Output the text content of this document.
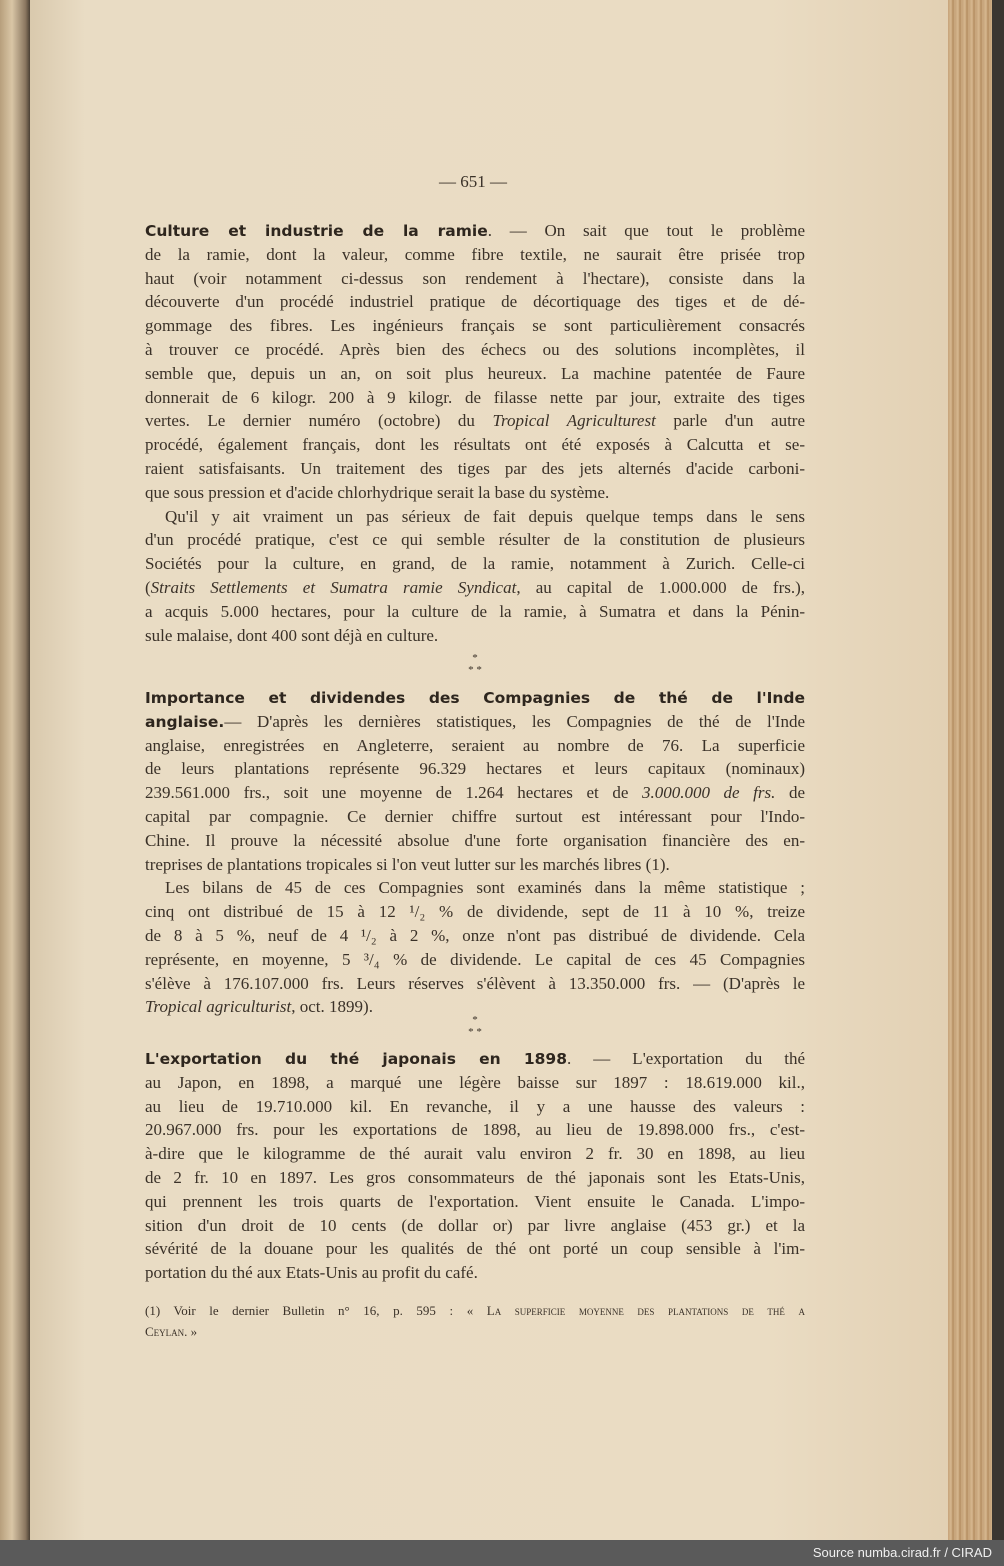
— 651 —
Culture et industrie de la ramie. — On sait que tout le problème
de la ramie, dont la valeur, comme fibre textile, ne saurait être prisée trop
haut (voir notamment ci-dessus son rendement à l'hectare), consiste dans la
découverte d'un procédé industriel pratique de décortiquage des tiges et de dé-
gommage des fibres. Les ingénieurs français se sont particulièrement consacrés
à trouver ce procédé. Après bien des échecs ou des solutions incomplètes, il
semble que, depuis un an, on soit plus heureux. La machine patentée de Faure
donnerait de 6 kilogr. 200 à 9 kilogr. de filasse nette par jour, extraite des tiges
vertes. Le dernier numéro (octobre) du Tropical Agriculturest parle d'un autre
procédé, également français, dont les résultats ont été exposés à Calcutta et se-
raient satisfaisants. Un traitement des tiges par des jets alternés d'acide carboni-
que sous pression et d'acide chlorhydrique serait la base du système.
Qu'il y ait vraiment un pas sérieux de fait depuis quelque temps dans le sens
d'un procédé pratique, c'est ce qui semble résulter de la constitution de plusieurs
Sociétés pour la culture, en grand, de la ramie, notamment à Zurich. Celle-ci
(Straits Settlements et Sumatra ramie Syndicat, au capital de 1.000.000 de frs.),
a acquis 5.000 hectares, pour la culture de la ramie, à Sumatra et dans la Pénin-
sule malaise, dont 400 sont déjà en culture.
*
* *
Importance et dividendes des Compagnies de thé de l'Inde
anglaise.— D'après les dernières statistiques, les Compagnies de thé de l'Inde
anglaise, enregistrées en Angleterre, seraient au nombre de 76. La superficie
de leurs plantations représente 96.329 hectares et leurs capitaux (nominaux)
239.561.000 frs., soit une moyenne de 1.264 hectares et de 3.000.000 de frs. de
capital par compagnie. Ce dernier chiffre surtout est intéressant pour l'Indo-
Chine. Il prouve la nécessité absolue d'une forte organisation financière des en-
treprises de plantations tropicales si l'on veut lutter sur les marchés libres (1).
Les bilans de 45 de ces Compagnies sont examinés dans la même statistique ;
cinq ont distribué de 15 à 12 ¹/₂ % de dividende, sept de 11 à 10 %, treize
de 8 à 5 %, neuf de 4 ¹/₂ à 2 %, onze n'ont pas distribué de dividende. Cela
représente, en moyenne, 5 ³/₄ % de dividende. Le capital de ces 45 Compagnies
s'élève à 176.107.000 frs. Leurs réserves s'élèvent à 13.350.000 frs. — (D'après le
Tropical agriculturist, oct. 1899).
*
* *
L'exportation du thé japonais en 1898. — L'exportation du thé
au Japon, en 1898, a marqué une légère baisse sur 1897 : 18.619.000 kil.,
au lieu de 19.710.000 kil. En revanche, il y a une hausse des valeurs :
20.967.000 frs. pour les exportations de 1898, au lieu de 19.898.000 frs., c'est-
à-dire que le kilogramme de thé aurait valu environ 2 fr. 30 en 1898, au lieu
de 2 fr. 10 en 1897. Les gros consommateurs de thé japonais sont les Etats-Unis,
qui prennent les trois quarts de l'exportation. Vient ensuite le Canada. L'impo-
sition d'un droit de 10 cents (de dollar or) par livre anglaise (453 gr.) et la
sévérité de la douane pour les qualités de thé ont porté un coup sensible à l'im-
portation du thé aux Etats-Unis au profit du café.
(1) Voir le dernier Bulletin n° 16, p. 595 : « La superficie moyenne des plantations de thé a
Ceylan. »
Source numba.cirad.fr / CIRAD
